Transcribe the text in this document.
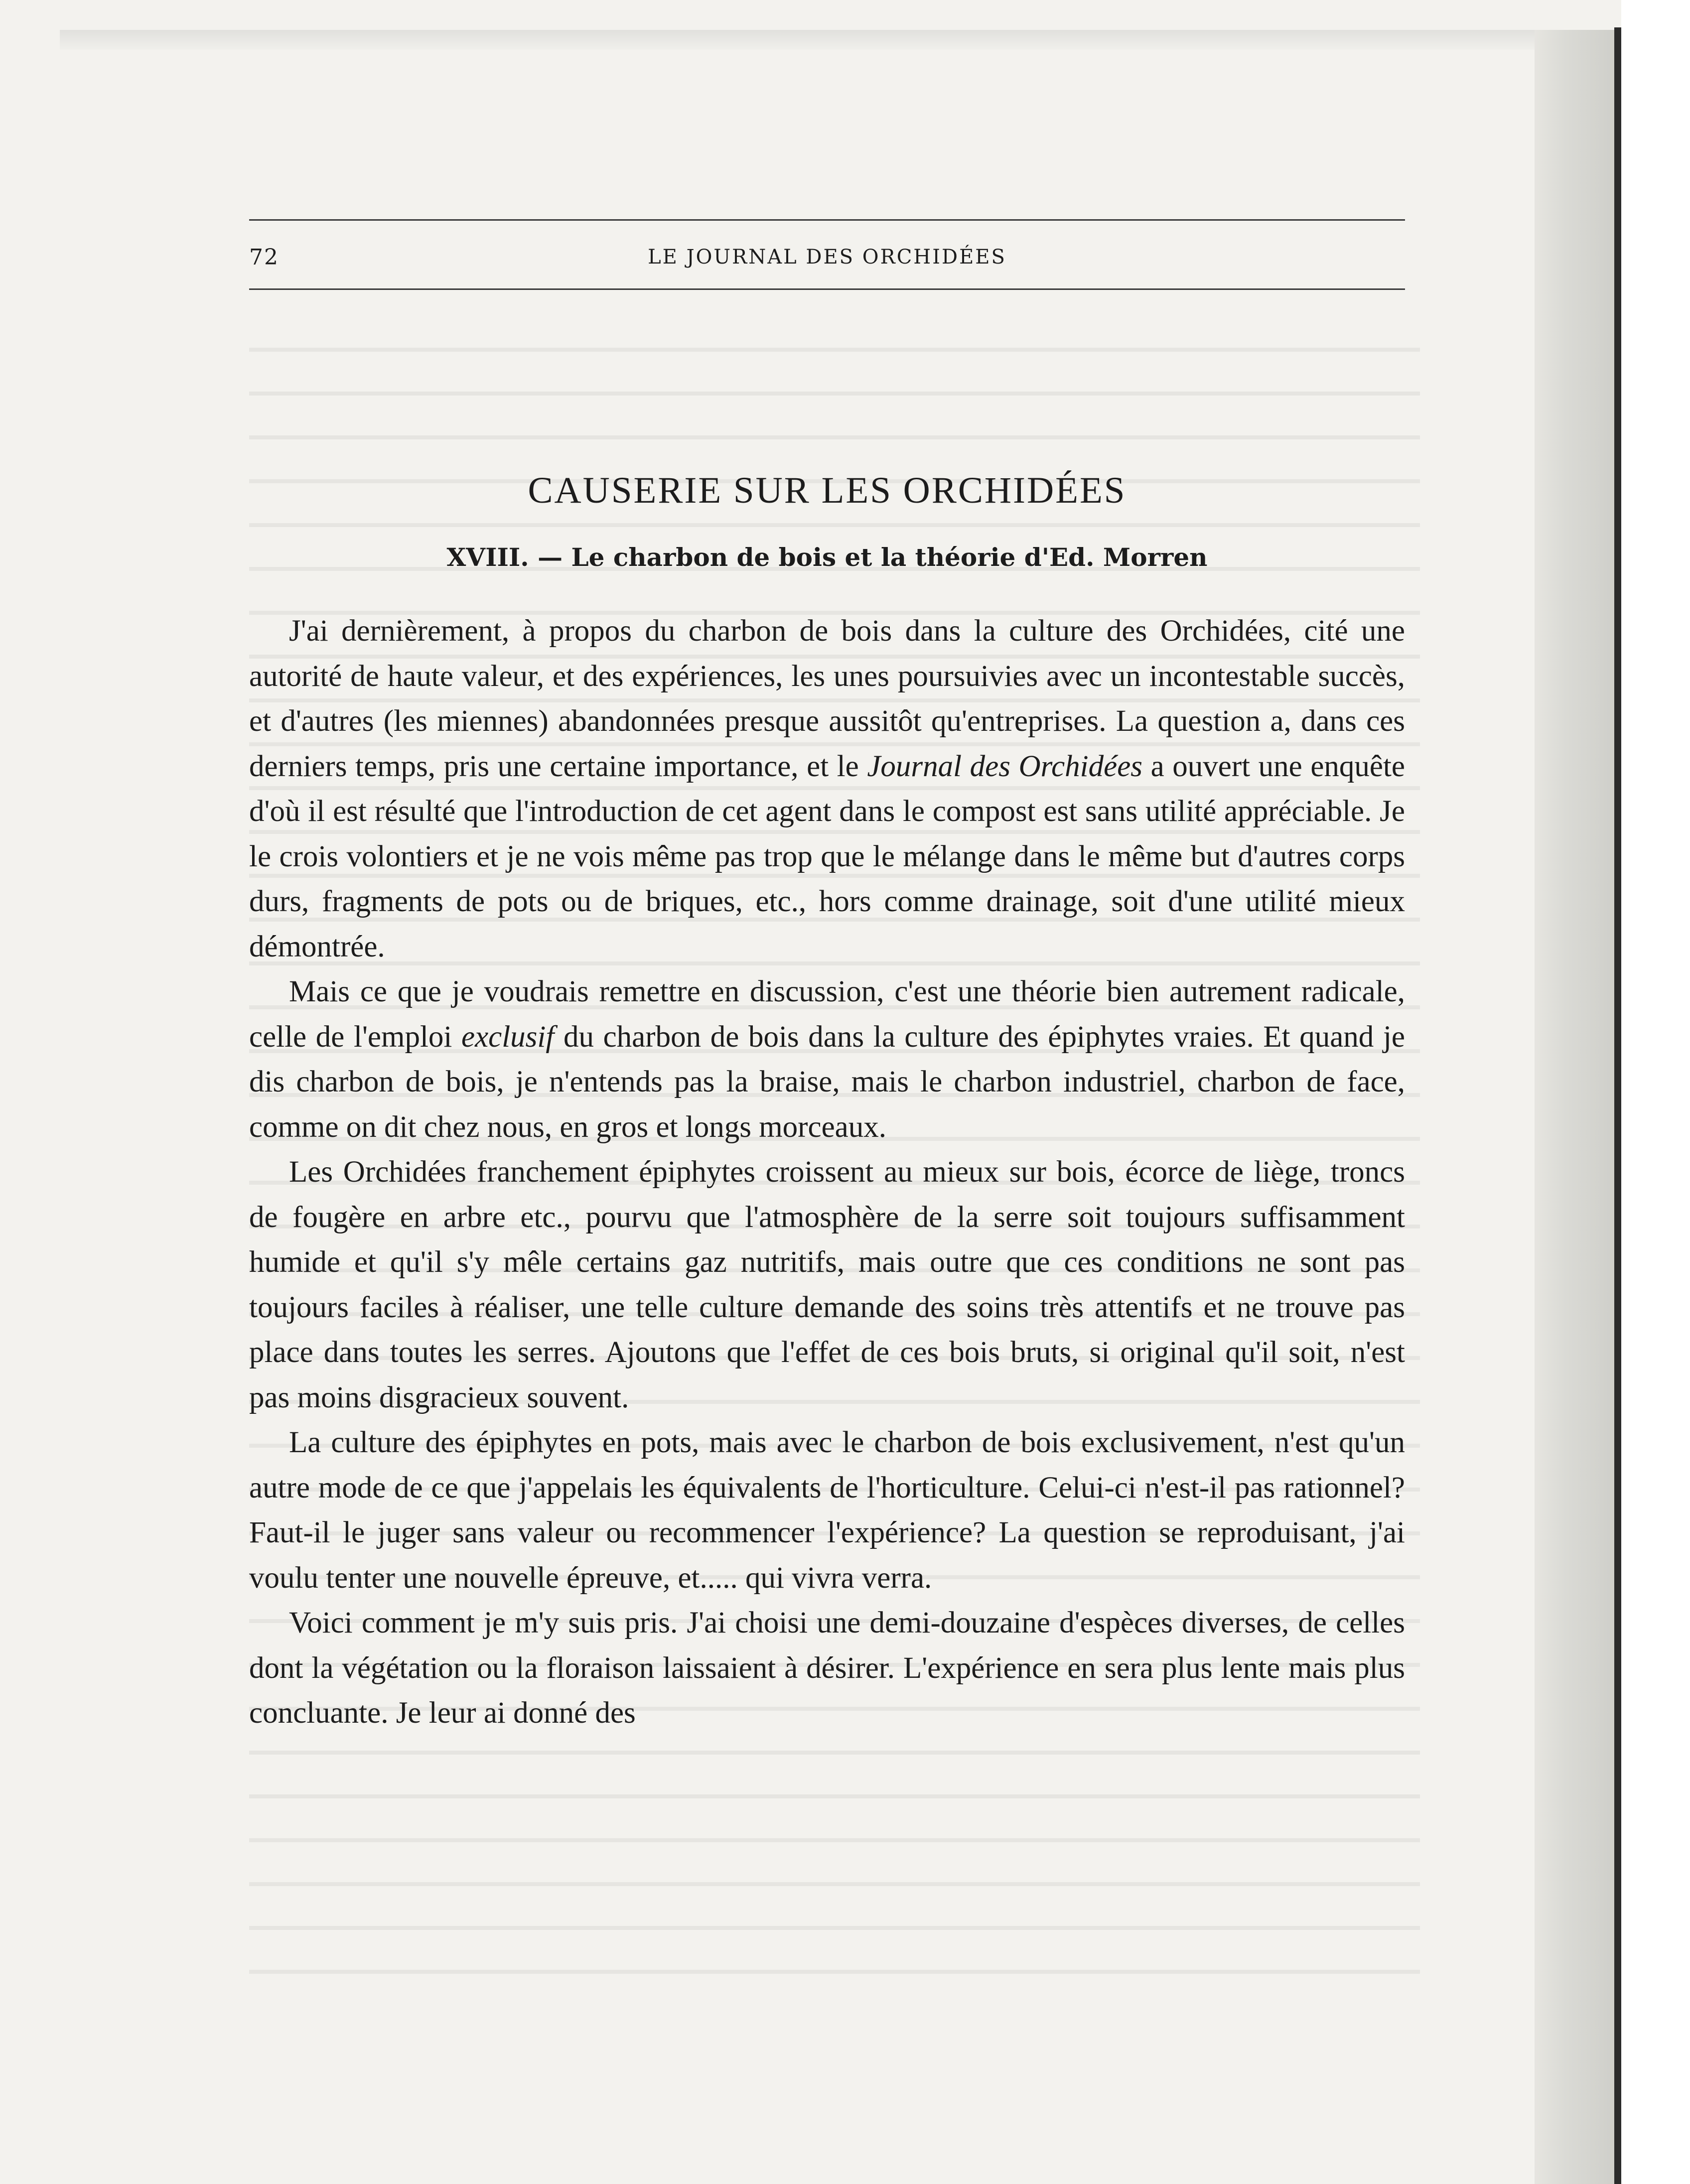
72	LE JOURNAL DES ORCHIDÉES
CAUSERIE SUR LES ORCHIDÉES
XVIII. — Le charbon de bois et la théorie d'Ed. Morren

J'ai dernièrement, à propos du charbon de bois dans la culture des Orchidées, cité une autorité de haute valeur, et des expériences, les unes poursuivies avec un incontestable succès, et d'autres (les miennes) abandonnées presque aussitôt qu'entreprises. La question a, dans ces derniers temps, pris une certaine importance, et le Journal des Orchidées a ouvert une enquête d'où il est résulté que l'introduction de cet agent dans le compost est sans utilité appréciable. Je le crois volontiers et je ne vois même pas trop que le mélange dans le même but d'autres corps durs, fragments de pots ou de briques, etc., hors comme drainage, soit d'une utilité mieux démontrée.

Mais ce que je voudrais remettre en discussion, c'est une théorie bien autrement radicale, celle de l'emploi exclusif du charbon de bois dans la culture des épiphytes vraies. Et quand je dis charbon de bois, je n'entends pas la braise, mais le charbon industriel, charbon de face, comme on dit chez nous, en gros et longs morceaux.

Les Orchidées franchement épiphytes croissent au mieux sur bois, écorce de liège, troncs de fougère en arbre etc., pourvu que l'atmosphère de la serre soit toujours suffisamment humide et qu'il s'y mêle certains gaz nutritifs, mais outre que ces conditions ne sont pas toujours faciles à réaliser, une telle culture demande des soins très attentifs et ne trouve pas place dans toutes les serres. Ajoutons que l'effet de ces bois bruts, si original qu'il soit, n'est pas moins disgracieux souvent.

La culture des épiphytes en pots, mais avec le charbon de bois exclusivement, n'est qu'un autre mode de ce que j'appelais les équivalents de l'horticulture. Celui-ci n'est-il pas rationnel? Faut-il le juger sans valeur ou recommencer l'expérience? La question se reproduisant, j'ai voulu tenter une nouvelle épreuve, et..... qui vivra verra.

Voici comment je m'y suis pris. J'ai choisi une demi-douzaine d'espèces diverses, de celles dont la végétation ou la floraison laissaient à désirer. L'expérience en sera plus lente mais plus concluante. Je leur ai donné des
